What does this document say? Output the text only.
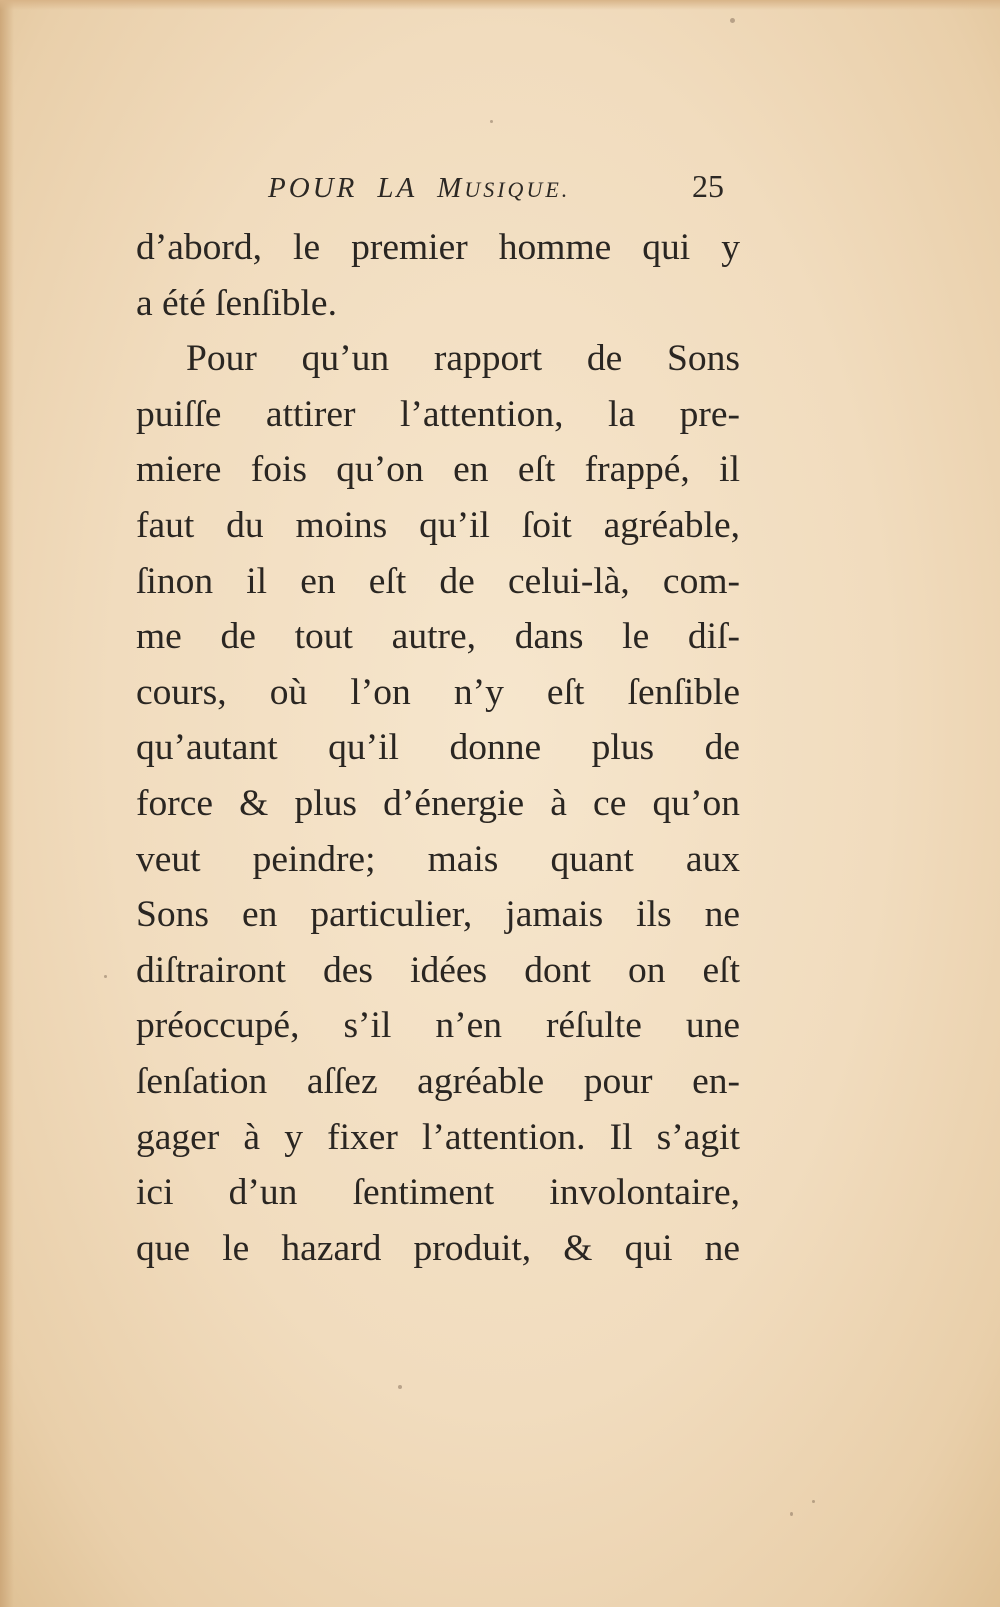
POUR LA MUSIQUE.	25
d’abord, le premier homme qui y
a été ſenſible.
Pour qu’un rapport de Sons
puiſſe attirer l’attention, la pre-
miere fois qu’on en eſt frappé, il
faut du moins qu’il ſoit agréable,
ſinon il en eſt de celui-là, com-
me de tout autre, dans le diſ-
cours, où l’on n’y eſt ſenſible
qu’autant qu’il donne plus de
force & plus d’énergie à ce qu’on
veut peindre; mais quant aux
Sons en particulier, jamais ils ne
diſtrairont des idées dont on eſt
préoccupé, s’il n’en réſulte une
ſenſation aſſez agréable pour en-
gager à y fixer l’attention. Il s’agit
ici d’un ſentiment involontaire,
que le hazard produit, & qui ne
